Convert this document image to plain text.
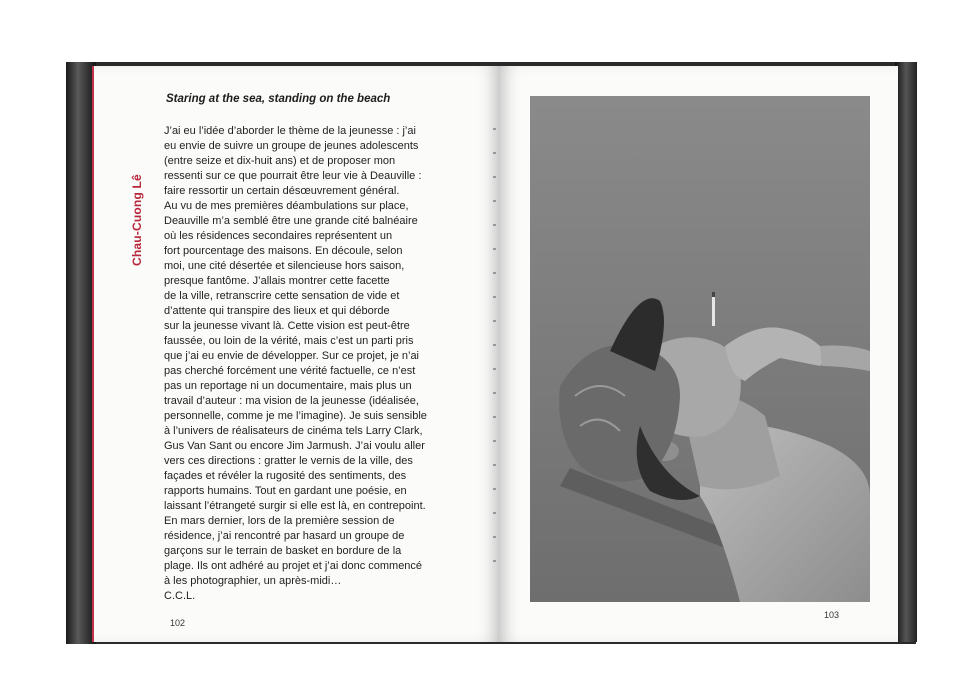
Chau-Cuong Lê
Staring at the sea, standing on the beach
J’ai eu l’idée d’aborder le thème de la jeunesse : j’ai
eu envie de suivre un groupe de jeunes adolescents
(entre seize et dix-huit ans) et de proposer mon
ressenti sur ce que pourrait être leur vie à Deauville :
faire ressortir un certain désœuvrement général.
Au vu de mes premières déambulations sur place,
Deauville m’a semblé être une grande cité balnéaire
où les résidences secondaires représentent un
fort pourcentage des maisons. En découle, selon
moi, une cité désertée et silencieuse hors saison,
presque fantôme. J’allais montrer cette facette
de la ville, retranscrire cette sensation de vide et
d’attente qui transpire des lieux et qui déborde
sur la jeunesse vivant là. Cette vision est peut-être
faussée, ou loin de la vérité, mais c’est un parti pris
que j’ai eu envie de développer. Sur ce projet, je n’ai
pas cherché forcément une vérité factuelle, ce n’est
pas un reportage ni un documentaire, mais plus un
travail d’auteur : ma vision de la jeunesse (idéalisée,
personnelle, comme je me l’imagine). Je suis sensible
à l’univers de réalisateurs de cinéma tels Larry Clark,
Gus Van Sant ou encore Jim Jarmush. J’ai voulu aller
vers ces directions : gratter le vernis de la ville, des
façades et révéler la rugosité des sentiments, des
rapports humains. Tout en gardant une poésie, en
laissant l’étrangeté surgir si elle est là, en contrepoint.
En mars dernier, lors de la première session de
résidence, j’ai rencontré par hasard un groupe de
garçons sur le terrain de basket en bordure de la
plage. Ils ont adhéré au projet et j’ai donc commencé
à les photographier, un après-midi…
C.C.L.
102
103
